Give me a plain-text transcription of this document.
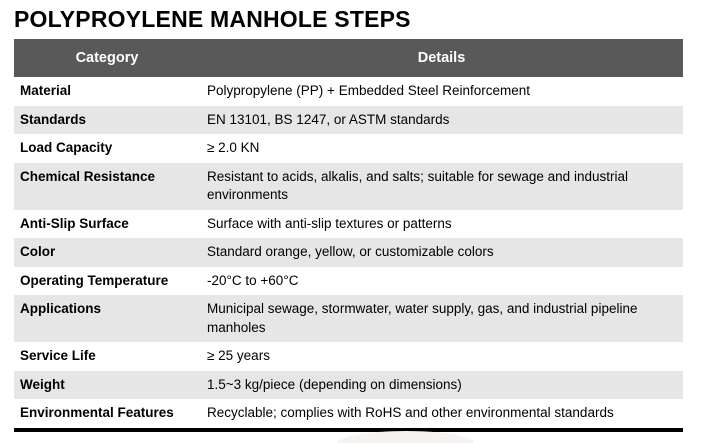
POLYPROYLENE MANHOLE STEPS
Category	Details
Material	Polypropylene (PP) + Embedded Steel Reinforcement
Standards	EN 13101, BS 1247, or ASTM standards
Load Capacity	≥ 2.0 KN
Chemical Resistance	Resistant to acids, alkalis, and salts; suitable for sewage and industrial environments
Anti-Slip Surface	Surface with anti-slip textures or patterns
Color	Standard orange, yellow, or customizable colors
Operating Temperature	-20°C to +60°C
Applications	Municipal sewage, stormwater, water supply, gas, and industrial pipeline manholes
Service Life	≥ 25 years
Weight	1.5~3 kg/piece (depending on dimensions)
Environmental Features	Recyclable; complies with RoHS and other environmental standards
